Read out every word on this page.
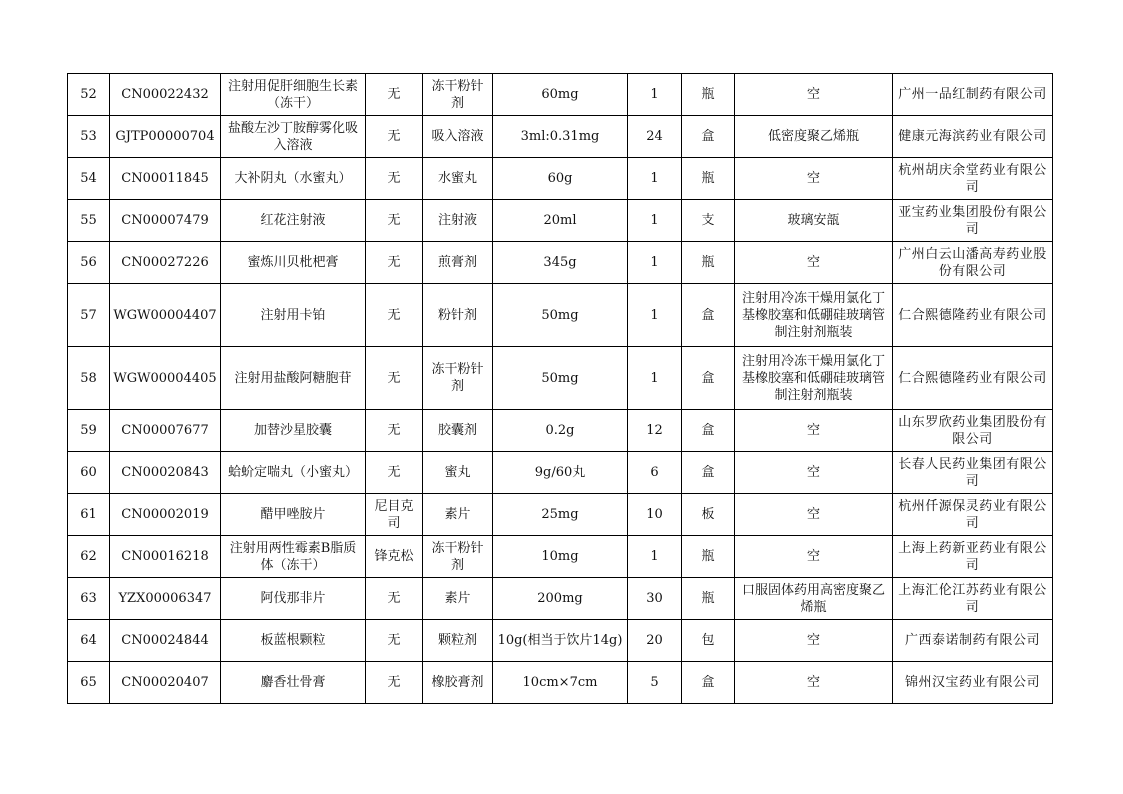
52	CN00022432	注射用促肝细胞生长素（冻干）	无	冻干粉针剂	60mg	1	瓶	空	广州一品红制药有限公司
53	GJTP00000704	盐酸左沙丁胺醇雾化吸入溶液	无	吸入溶液	3ml:0.31mg	24	盒	低密度聚乙烯瓶	健康元海滨药业有限公司
54	CN00011845	大补阴丸（水蜜丸）	无	水蜜丸	60g	1	瓶	空	杭州胡庆余堂药业有限公司
55	CN00007479	红花注射液	无	注射液	20ml	1	支	玻璃安瓿	亚宝药业集团股份有限公司
56	CN00027226	蜜炼川贝枇杷膏	无	煎膏剂	345g	1	瓶	空	广州白云山潘高寿药业股份有限公司
57	WGW00004407	注射用卡铂	无	粉针剂	50mg	1	盒	注射用冷冻干燥用氯化丁基橡胶塞和低硼硅玻璃管制注射剂瓶装	仁合熙德隆药业有限公司
58	WGW00004405	注射用盐酸阿糖胞苷	无	冻干粉针剂	50mg	1	盒	注射用冷冻干燥用氯化丁基橡胶塞和低硼硅玻璃管制注射剂瓶装	仁合熙德隆药业有限公司
59	CN00007677	加替沙星胶囊	无	胶囊剂	0.2g	12	盒	空	山东罗欣药业集团股份有限公司
60	CN00020843	蛤蚧定喘丸（小蜜丸）	无	蜜丸	9g/60丸	6	盒	空	长春人民药业集团有限公司
61	CN00002019	醋甲唑胺片	尼目克司	素片	25mg	10	板	空	杭州仟源保灵药业有限公司
62	CN00016218	注射用两性霉素B脂质体（冻干）	锋克松	冻干粉针剂	10mg	1	瓶	空	上海上药新亚药业有限公司
63	YZX00006347	阿伐那非片	无	素片	200mg	30	瓶	口服固体药用高密度聚乙烯瓶	上海汇伦江苏药业有限公司
64	CN00024844	板蓝根颗粒	无	颗粒剂	10g(相当于饮片14g)	20	包	空	广西泰诺制药有限公司
65	CN00020407	麝香壮骨膏	无	橡胶膏剂	10cm×7cm	5	盒	空	锦州汉宝药业有限公司
